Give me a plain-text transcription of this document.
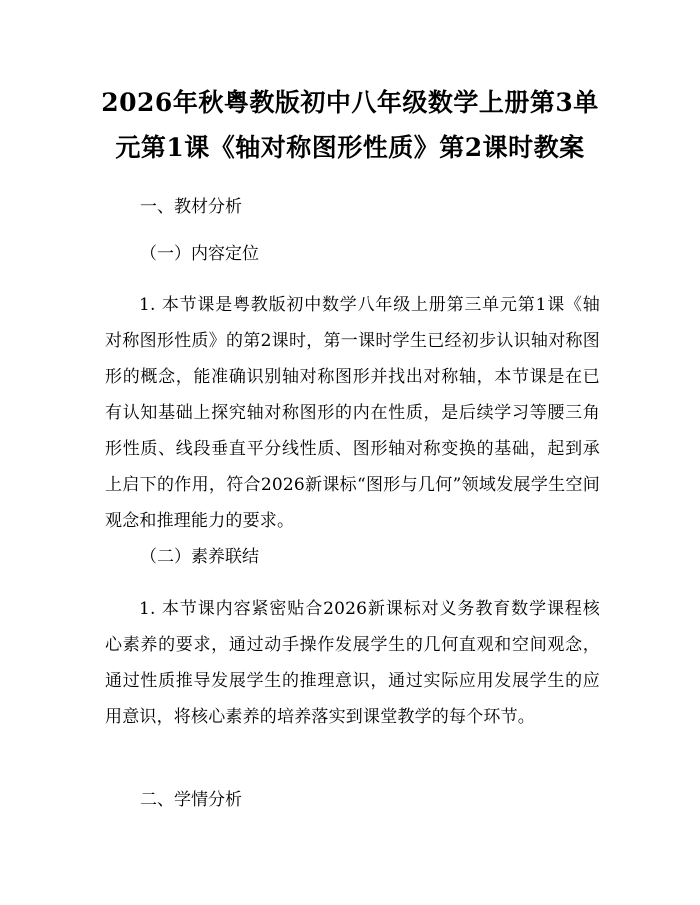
2026年秋粤教版初中八年级数学上册第3单
元第1课《轴对称图形性质》第2课时教案
一、教材分析
（一）内容定位
1. 本节课是粤教版初中数学八年级上册第三单元第1课《轴对称图形性质》的第2课时，第一课时学生已经初步认识轴对称图形的概念，能准确识别轴对称图形并找出对称轴，本节课是在已有认知基础上探究轴对称图形的内在性质，是后续学习等腰三角形性质、线段垂直平分线性质、图形轴对称变换的基础，起到承上启下的作用，符合2026新课标“图形与几何”领域发展学生空间观念和推理能力的要求。
（二）素养联结
1. 本节课内容紧密贴合2026新课标对义务教育数学课程核心素养的要求，通过动手操作发展学生的几何直观和空间观念，通过性质推导发展学生的推理意识，通过实际应用发展学生的应用意识，将核心素养的培养落实到课堂教学的每个环节。
二、学情分析
